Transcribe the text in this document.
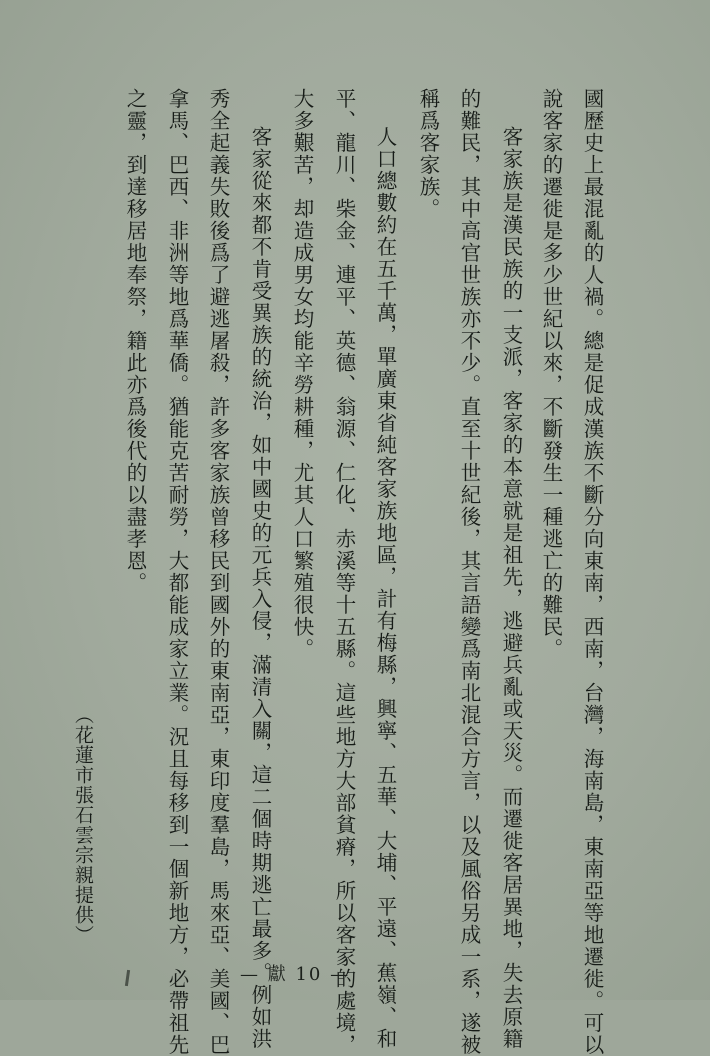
國歷史上最混亂的人禍。總是促成漢族不斷分向東南，西南，台灣，海南島，東南亞等地遷徙。可以
說客家的遷徙是多少世紀以來，不斷發生一種逃亡的難民。
客家族是漢民族的一支派，客家的本意就是祖先，逃避兵亂或天災。而遷徙客居異地，失去原籍
的難民，其中高官世族亦不少。直至十世紀後，其言語變爲南北混合方言，以及風俗另成一系，遂被
稱爲客家族。
人口總數約在五千萬，單廣東省純客家族地區，計有梅縣，興寧、五華、大埔、平遠、蕉嶺、和
平、龍川、柴金、連平、英德、翁源、仁化、赤溪等十五縣。這些地方大部貧瘠，所以客家的處境，
大多艱苦，却造成男女均能辛勞耕種，尤其人口繁殖很快。
客家從來都不肯受異族的統治，如中國史的元兵入侵，滿清入關，這二個時期逃亡最多。例如洪
秀全起義失敗後爲了避逃屠殺，許多客家族曾移民到國外的東南亞，東印度羣島，馬來亞、美國、巴
拿馬、巴西、非洲等地爲華僑。猶能克苦耐勞，大都能成家立業。況且每移到一個新地方，必帶祖先
之靈，到達移居地奉祭，籍此亦爲後代的以盡孝恩。
（花蓮市張石雲宗親提供）
— 獻 10 —
